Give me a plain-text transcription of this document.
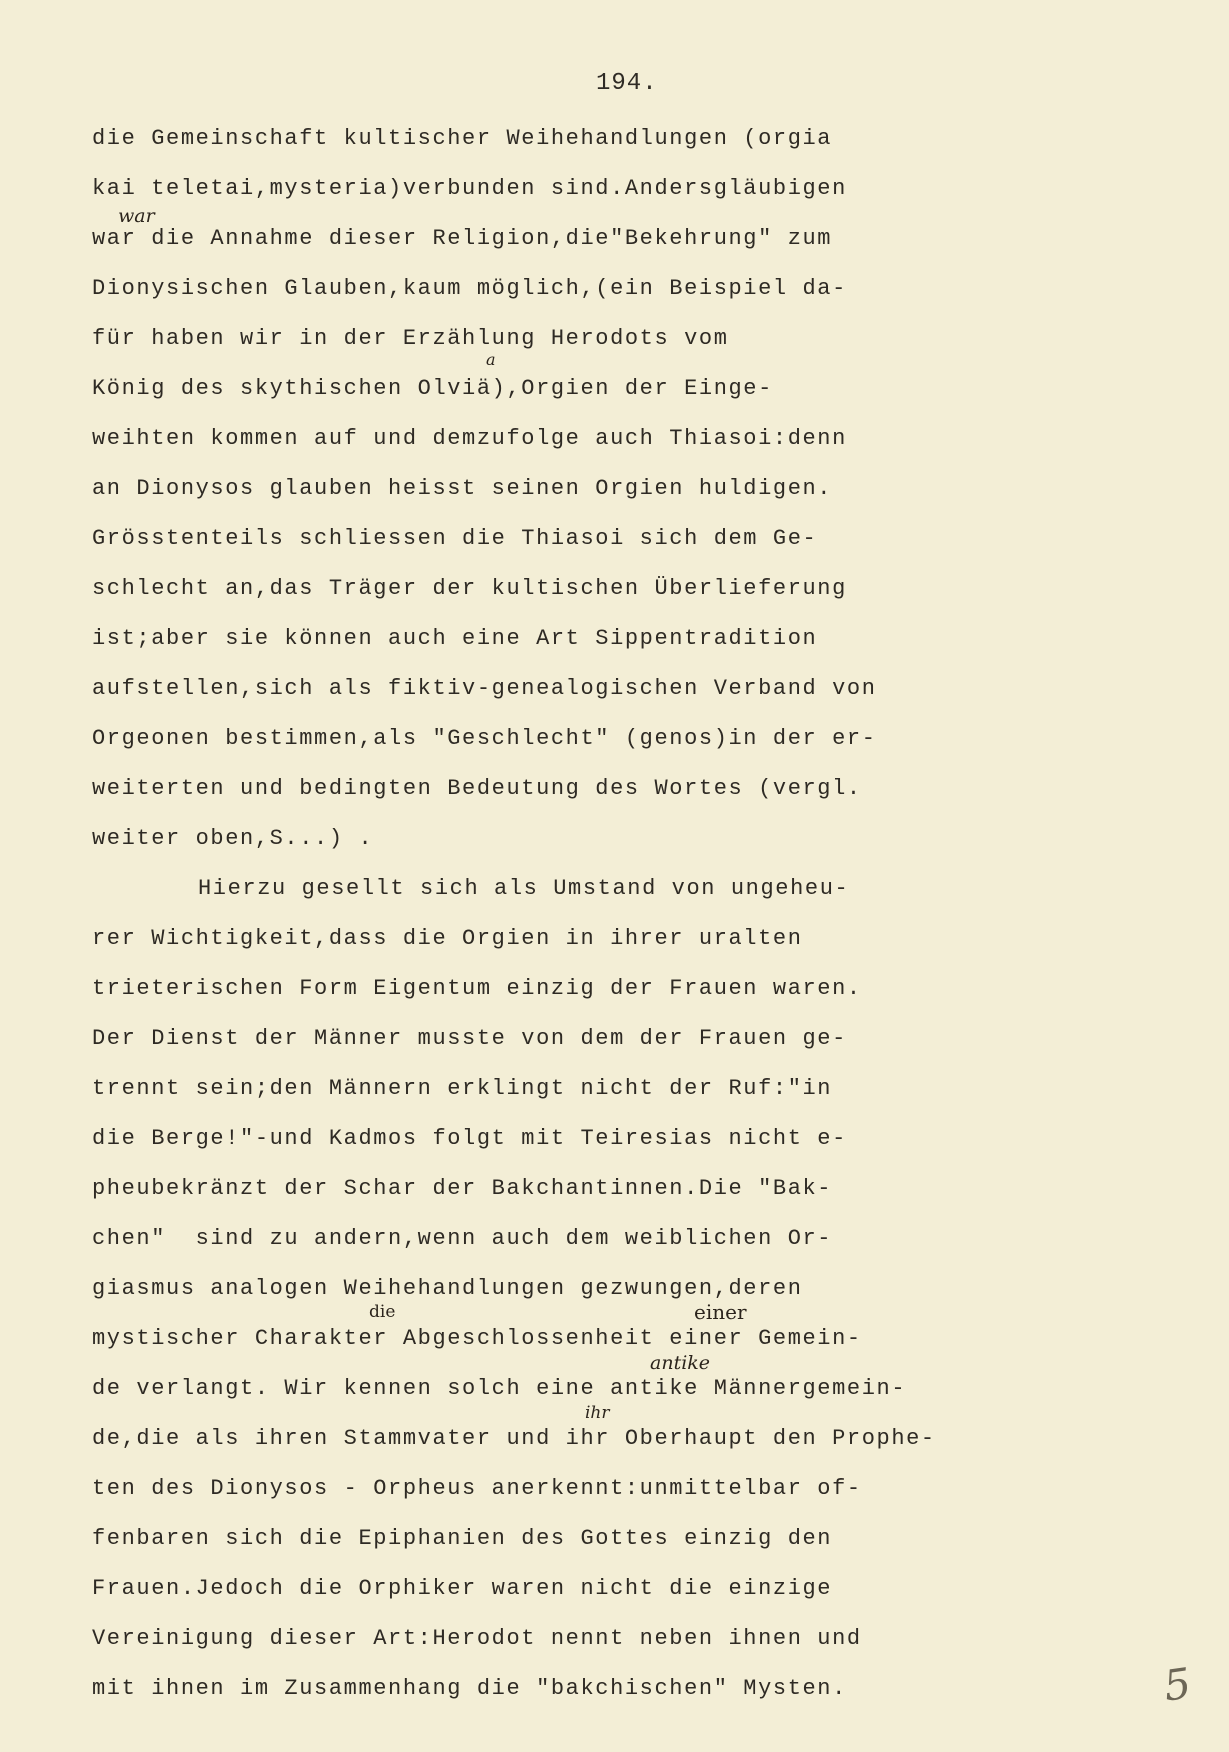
194.
die Gemeinschaft kultischer Weihehandlungen (orgia
kai teletai,mysteria)verbunden sind.Andersgläubigen
war die Annahme dieser Religion,die"Bekehrung" zum
Dionysischen Glauben,kaum möglich,(ein Beispiel da-
für haben wir in der Erzählung Herodots vom
König des skythischen Olviä),Orgien der Einge-
weihten kommen auf und demzufolge auch Thiasoi:denn
an Dionysos glauben heisst seinen Orgien huldigen.
Grösstenteils schliessen die Thiasoi sich dem Ge-
schlecht an,das Träger der kultischen Überlieferung
ist;aber sie können auch eine Art Sippentradition
aufstellen,sich als fiktiv-genealogischen Verband von
Orgeonen bestimmen,als "Geschlecht" (genos)in der er-
weiterten und bedingten Bedeutung des Wortes (vergl.
weiter oben,S...) .
Hierzu gesellt sich als Umstand von ungeheu-
rer Wichtigkeit,dass die Orgien in ihrer uralten
trieterischen Form Eigentum einzig der Frauen waren.
Der Dienst der Männer musste von dem der Frauen ge-
trennt sein;den Männern erklingt nicht der Ruf:"in
die Berge!"-und Kadmos folgt mit Teiresias nicht e-
pheubekränzt der Schar der Bakchantinnen.Die "Bak-
chen"  sind zu andern,wenn auch dem weiblichen Or-
giasmus analogen Weihehandlungen gezwungen,deren
mystischer Charakter Abgeschlossenheit einer Gemein-
de verlangt. Wir kennen solch eine antike Männergemein-
de,die als ihren Stammvater und ihr Oberhaupt den Prophe-
ten des Dionysos - Orpheus anerkennt:unmittelbar of-
fenbaren sich die Epiphanien des Gottes einzig den
Frauen.Jedoch die Orphiker waren nicht die einzige
Vereinigung dieser Art:Herodot nennt neben ihnen und
mit ihnen im Zusammenhang die "bakchischen" Mysten.
war
a
die	einer
antike
ihr
5
